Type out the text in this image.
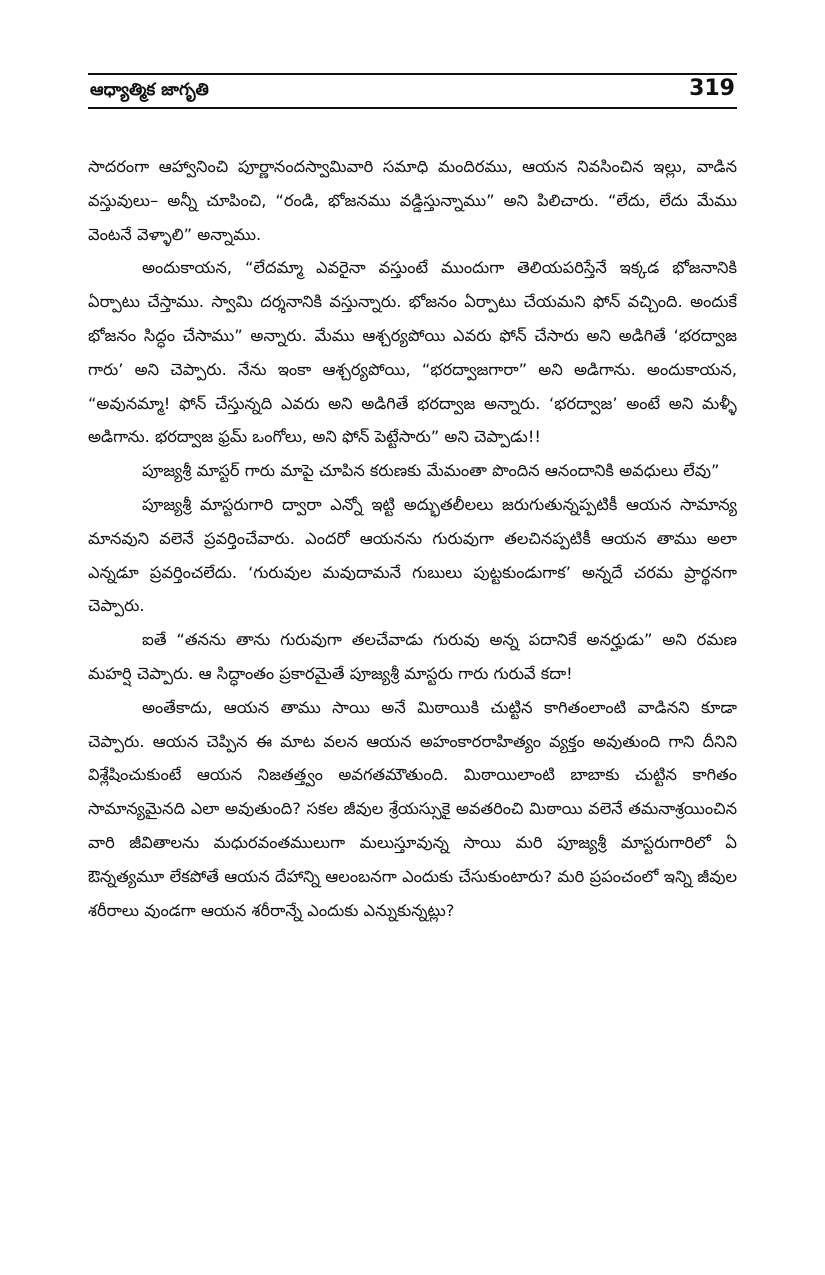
ఆధ్యాత్మిక జాగృతి	319

సాదరంగా ఆహ్వానించి పూర్ణానందస్వామివారి సమాధి మందిరము, ఆయన నివసించిన ఇల్లు, వాడిన వస్తువులు– అన్నీ చూపించి, “రండి, భోజనము వడ్డిస్తున్నాము” అని పిలిచారు. “లేదు, లేదు మేము వెంటనే వెళ్ళాలి” అన్నాము.

అందుకాయన, “లేదమ్మా ఎవరైనా వస్తుంటే ముందుగా తెలియపరిస్తేనే ఇక్కడ భోజనానికి ఏర్పాటు చేస్తాము. స్వామి దర్శనానికి వస్తున్నారు. భోజనం ఏర్పాటు చేయమని ఫోన్ వచ్చింది. అందుకే భోజనం సిద్ధం చేసాము” అన్నారు. మేము ఆశ్చర్యపోయి ఎవరు ఫోన్ చేసారు అని అడిగితే ‘భరద్వాజ గారు’ అని చెప్పారు. నేను ఇంకా ఆశ్చర్యపోయి, “భరద్వాజగారా” అని అడిగాను. అందుకాయన, “అవునమ్మా! ఫోన్ చేస్తున్నది ఎవరు అని అడిగితే భరద్వాజ అన్నారు. ‘భరద్వాజ’ అంటే అని మళ్ళీ అడిగాను. భరద్వాజ ఫ్రమ్ ఒంగోలు, అని ఫోన్ పెట్టేసారు” అని చెప్పాడు!!

పూజ్యశ్రీ మాస్టర్ గారు మాపై చూపిన కరుణకు మేమంతా పొందిన ఆనందానికి అవధులు లేవు”

పూజ్యశ్రీ మాస్టరుగారి ద్వారా ఎన్నో ఇట్టి అద్భుతలీలలు జరుగుతున్నప్పటికీ ఆయన సామాన్య మానవుని వలెనే ప్రవర్తించేవారు. ఎందరో ఆయనను గురువుగా తలచినప్పటికీ ఆయన తాము అలా ఎన్నడూ ప్రవర్తించలేదు. ‘గురువుల మవుదామనే గుబులు పుట్టకుండుగాక’ అన్నదే చరమ ప్రార్థనగా చెప్పారు.

ఐతే “తనను తాను గురువుగా తలచేవాడు గురువు అన్న పదానికే అనర్హుడు” అని రమణ మహర్షి చెప్పారు. ఆ సిద్ధాంతం ప్రకారమైతే పూజ్యశ్రీ మాస్టరు గారు గురువే కదా!

అంతేకాదు, ఆయన తాము సాయి అనే మిఠాయికి చుట్టిన కాగితంలాంటి వాడినని కూడా చెప్పారు. ఆయన చెప్పిన ఈ మాట వలన ఆయన అహంకారరాహిత్యం వ్యక్తం అవుతుంది గాని దీనిని విశ్లేషించుకుంటే ఆయన నిజతత్త్వం అవగతమౌతుంది. మిఠాయిలాంటి బాబాకు చుట్టిన కాగితం సామాన్యమైనది ఎలా అవుతుంది? సకల జీవుల శ్రేయస్సుకై అవతరించి మిఠాయి వలెనే తమనాశ్రయించిన వారి జీవితాలను మధురవంతములుగా మలుస్తూవున్న సాయి మరి పూజ్యశ్రీ మాస్టరుగారిలో ఏ ఔన్నత్యమూ లేకపోతే ఆయన దేహాన్ని ఆలంబనగా ఎందుకు చేసుకుంటారు? మరి ప్రపంచంలో ఇన్ని జీవుల శరీరాలు వుండగా ఆయన శరీరాన్నే ఎందుకు ఎన్నుకున్నట్లు?
